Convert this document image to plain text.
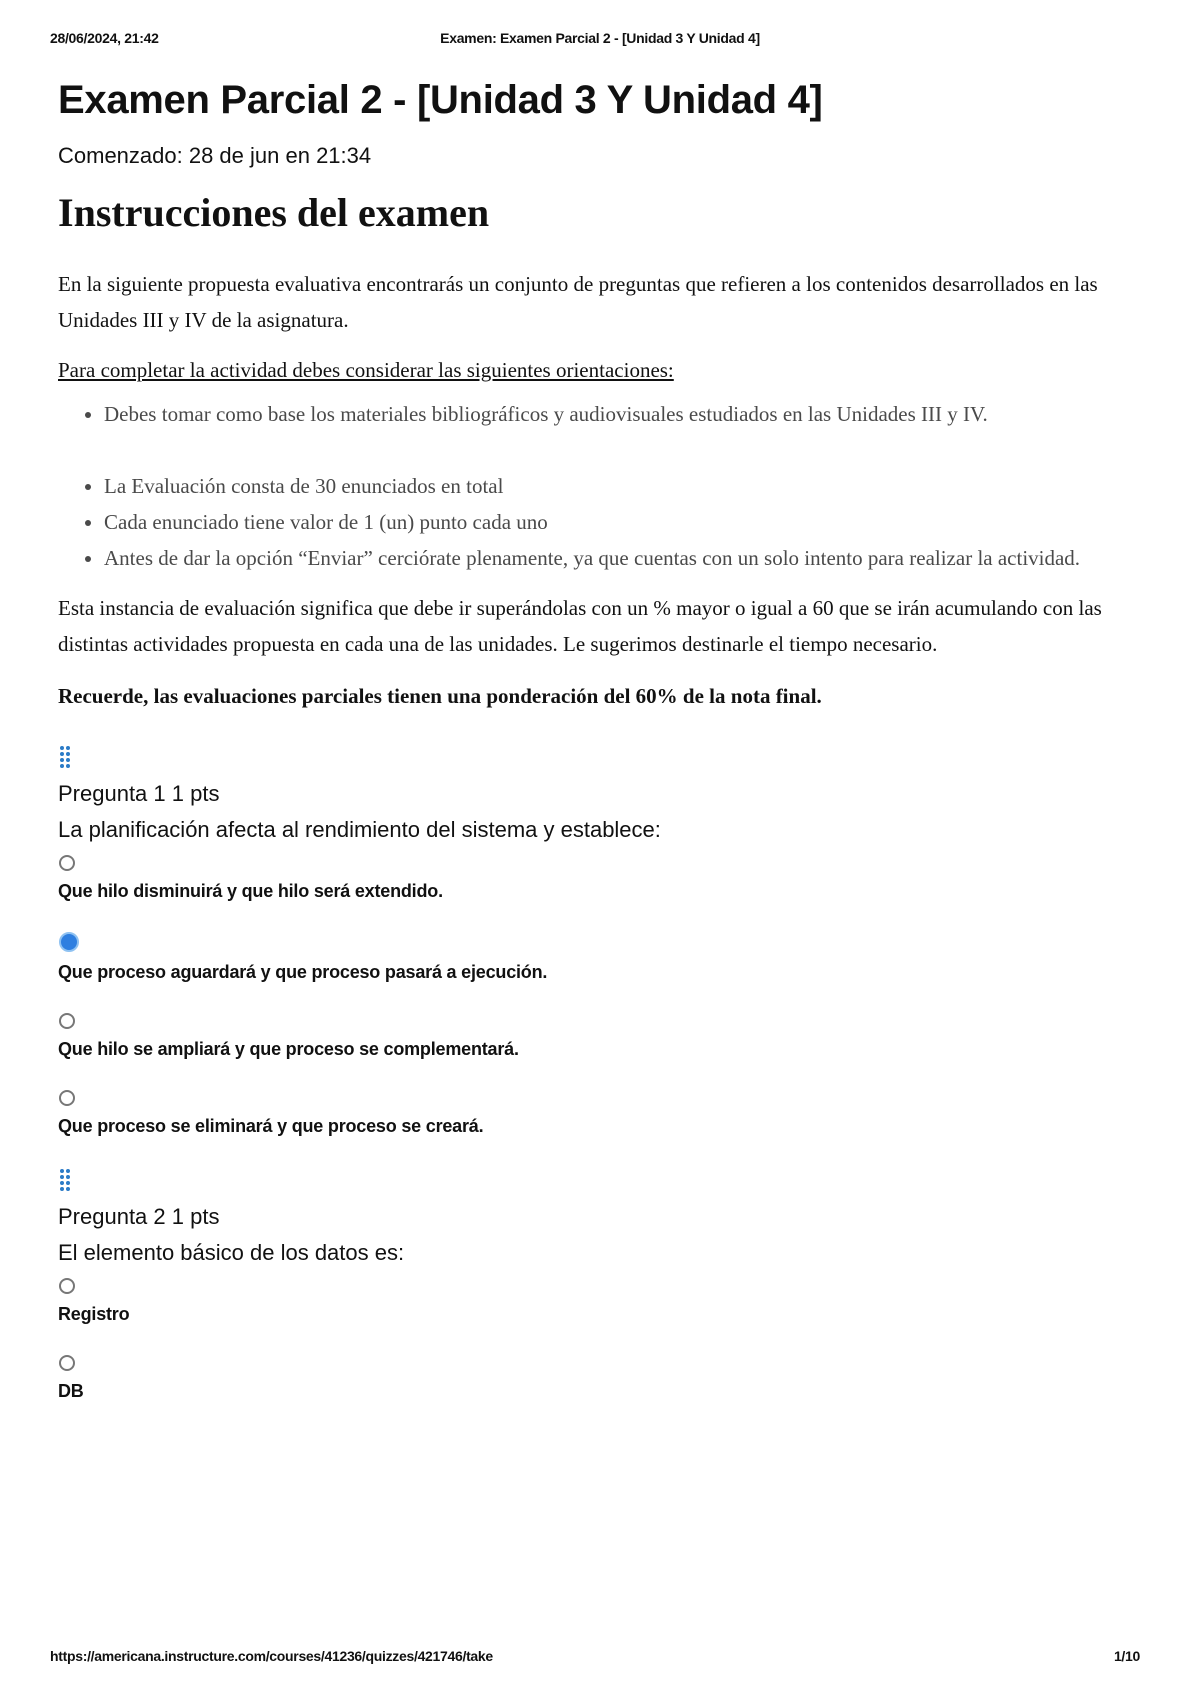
28/06/2024, 21:42	Examen: Examen Parcial 2 - [Unidad 3 Y Unidad 4]
Examen Parcial 2 - [Unidad 3 Y Unidad 4]
Comenzado: 28 de jun en 21:34
Instrucciones del examen
En la siguiente propuesta evaluativa encontrarás un conjunto de preguntas que refieren a los contenidos desarrollados en las Unidades III y IV de la asignatura.
Para completar la actividad debes considerar las siguientes orientaciones:
• Debes tomar como base los materiales bibliográficos y audiovisuales estudiados en las Unidades III y IV.
• La Evaluación consta de 30 enunciados en total
• Cada enunciado tiene valor de 1 (un) punto cada uno
• Antes de dar la opción “Enviar” cerciórate plenamente, ya que cuentas con un solo intento para realizar la actividad.
Esta instancia de evaluación significa que debe ir superándolas con un % mayor o igual a 60 que se irán acumulando con las distintas actividades propuesta en cada una de las unidades. Le sugerimos destinarle el tiempo necesario.
Recuerde, las evaluaciones parciales tienen una ponderación del 60% de la nota final.
Pregunta 1 1 pts
La planificación afecta al rendimiento del sistema y establece:
Que hilo disminuirá y que hilo será extendido.
Que proceso aguardará y que proceso pasará a ejecución.
Que hilo se ampliará y que proceso se complementará.
Que proceso se eliminará y que proceso se creará.
Pregunta 2 1 pts
El elemento básico de los datos es:
Registro
DB
https://americana.instructure.com/courses/41236/quizzes/421746/take	1/10
